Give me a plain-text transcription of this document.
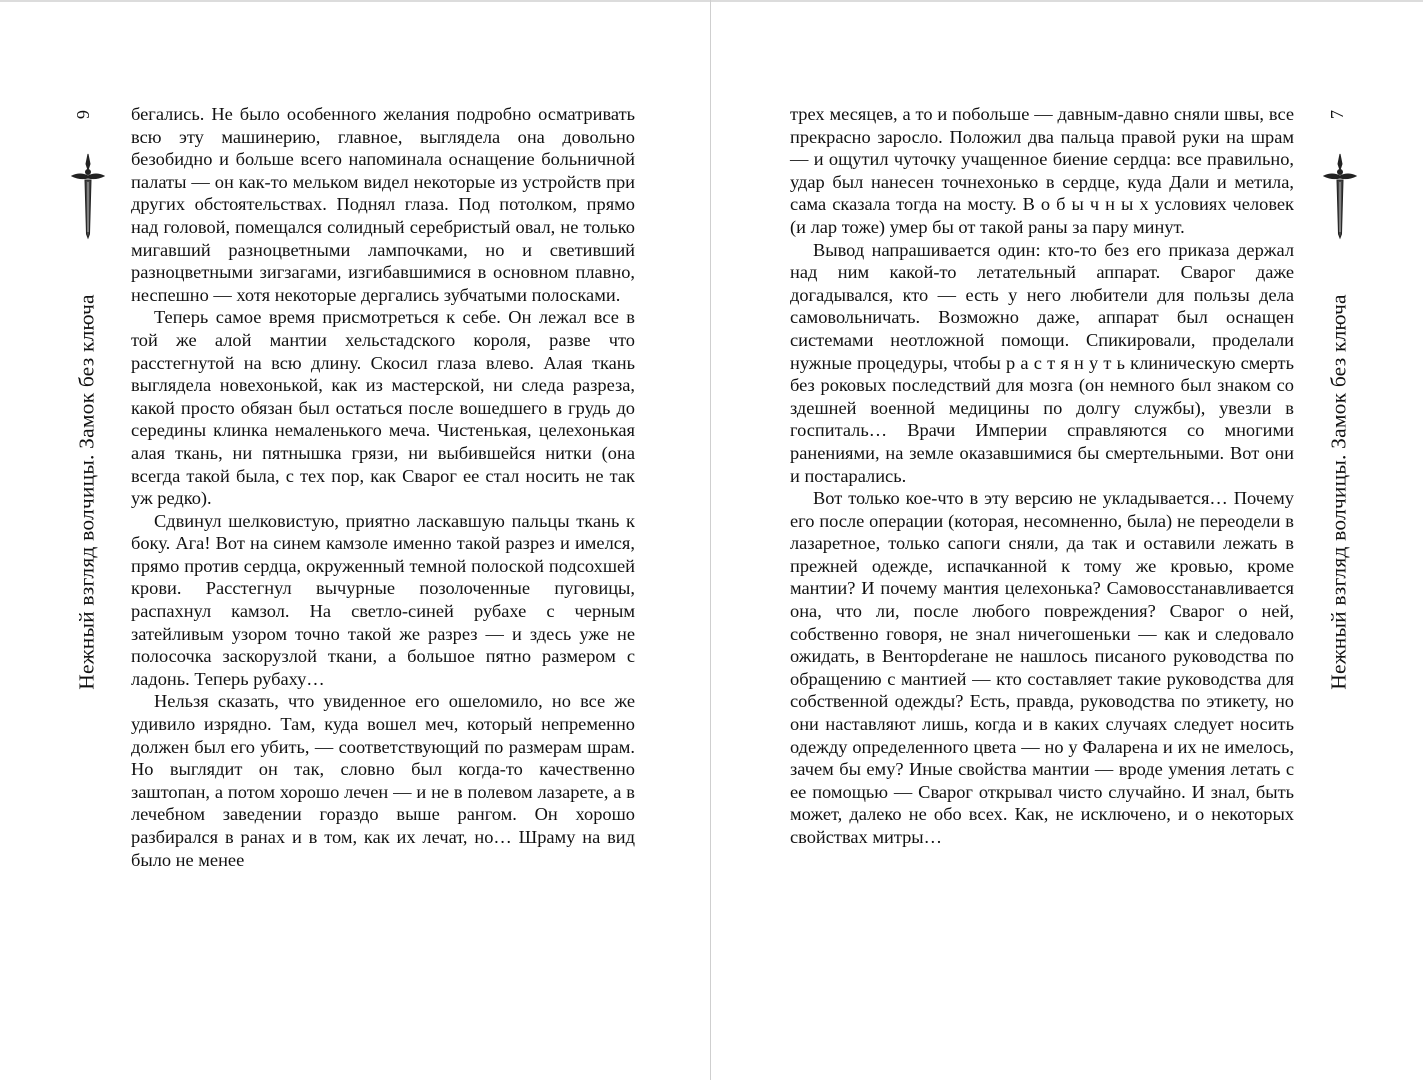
6
Нежный взгляд волчицы. Замок без ключа

бегались. Не было особенного желания подробно осматривать всю эту машинерию, главное, выглядела она довольно безобидно и больше всего напоминала оснащение больничной палаты — он как-то мельком видел некоторые из устройств при других обстоятельствах. Поднял глаза. Под потолком, прямо над головой, помещался солидный серебристый овал, не только мигавший разноцветными лампочками, но и светивший разноцветными зигзагами, изгибавшимися в основном плавно, неспешно — хотя некоторые дергались зубчатыми полосками.

Теперь самое время присмотреться к себе. Он лежал все в той же алой мантии хельстадского короля, разве что расстегнутой на всю длину. Скосил глаза влево. Алая ткань выглядела новехонькой, как из мастерской, ни следа разреза, какой просто обязан был остаться после вошедшего в грудь до середины клинка немаленького меча. Чистенькая, целехонькая алая ткань, ни пятнышка грязи, ни выбившейся нитки (она всегда такой была, с тех пор, как Сварог ее стал носить не так уж редко).

Сдвинул шелковистую, приятно ласкавшую пальцы ткань к боку. Ага! Вот на синем камзоле именно такой разрез и имелся, прямо против сердца, окруженный темной полоской подсохшей крови. Расстегнул вычурные позолоченные пуговицы, распахнул камзол. На светло-синей рубахе с черным затейливым узором точно такой же разрез — и здесь уже не полосочка заскорузлой ткани, а большое пятно размером с ладонь. Теперь рубаху…

Нельзя сказать, что увиденное его ошеломило, но все же удивило изрядно. Там, куда вошел меч, который непременно должен был его убить, — соответствующий по размерам шрам. Но выглядит он так, словно был когда-то качественно заштопан, а потом хорошо лечен — и не в полевом лазарете, а в лечебном заведении гораздо выше рангом. Он хорошо разбирался в ранах и в том, как их лечат, но… Шраму на вид было не менее

7
Нежный взгляд волчицы. Замок без ключа

трех месяцев, а то и побольше — давным-давно сняли швы, все прекрасно заросло. Положил два пальца правой руки на шрам — и ощутил чуточку учащенное биение сердца: все правильно, удар был нанесен точнехонько в сердце, куда Дали и метила, сама сказала тогда на мосту. В о б ы ч н ы х условиях человек (и лар тоже) умер бы от такой раны за пару минут.

Вывод напрашивается один: кто-то без его приказа держал над ним какой-то летательный аппарат. Сварог даже догадывался, кто — есть у него любители для пользы дела самовольничать. Возможно даже, аппарат был оснащен системами неотложной помощи. Спикировали, проделали нужные процедуры, чтобы р а с т я н у т ь клиническую смерть без роковых последствий для мозга (он немного был знаком со здешней военной медицины по долгу службы), увезли в госпиталь… Врачи Империи справляются со многими ранениями, на земле оказавшимися бы смертельными. Вот они и постарались.

Вот только кое-что в эту версию не укладывается… Почему его после операции (которая, несомненно, была) не переодели в лазаретное, только сапоги сняли, да так и оставили лежать в прежней одежде, испачканной к тому же кровью, кроме мантии? И почему мантия целехонька? Самовосстанавливается она, что ли, после любого повреждения? Сварог о ней, собственно говоря, не знал ничегошеньки — как и следовало ожидать, в Венторderане не нашлось писаного руководства по обращению с мантией — кто составляет такие руководства для собственной одежды? Есть, правда, руководства по этикету, но они наставляют лишь, когда и в каких случаях следует носить одежду определенного цвета — но у Фаларена и их не имелось, зачем бы ему? Иные свойства мантии — вроде умения летать с ее помощью — Сварог открывал чисто случайно. И знал, быть может, далеко не обо всех. Как, не исключено, и о некоторых свойствах митры…
